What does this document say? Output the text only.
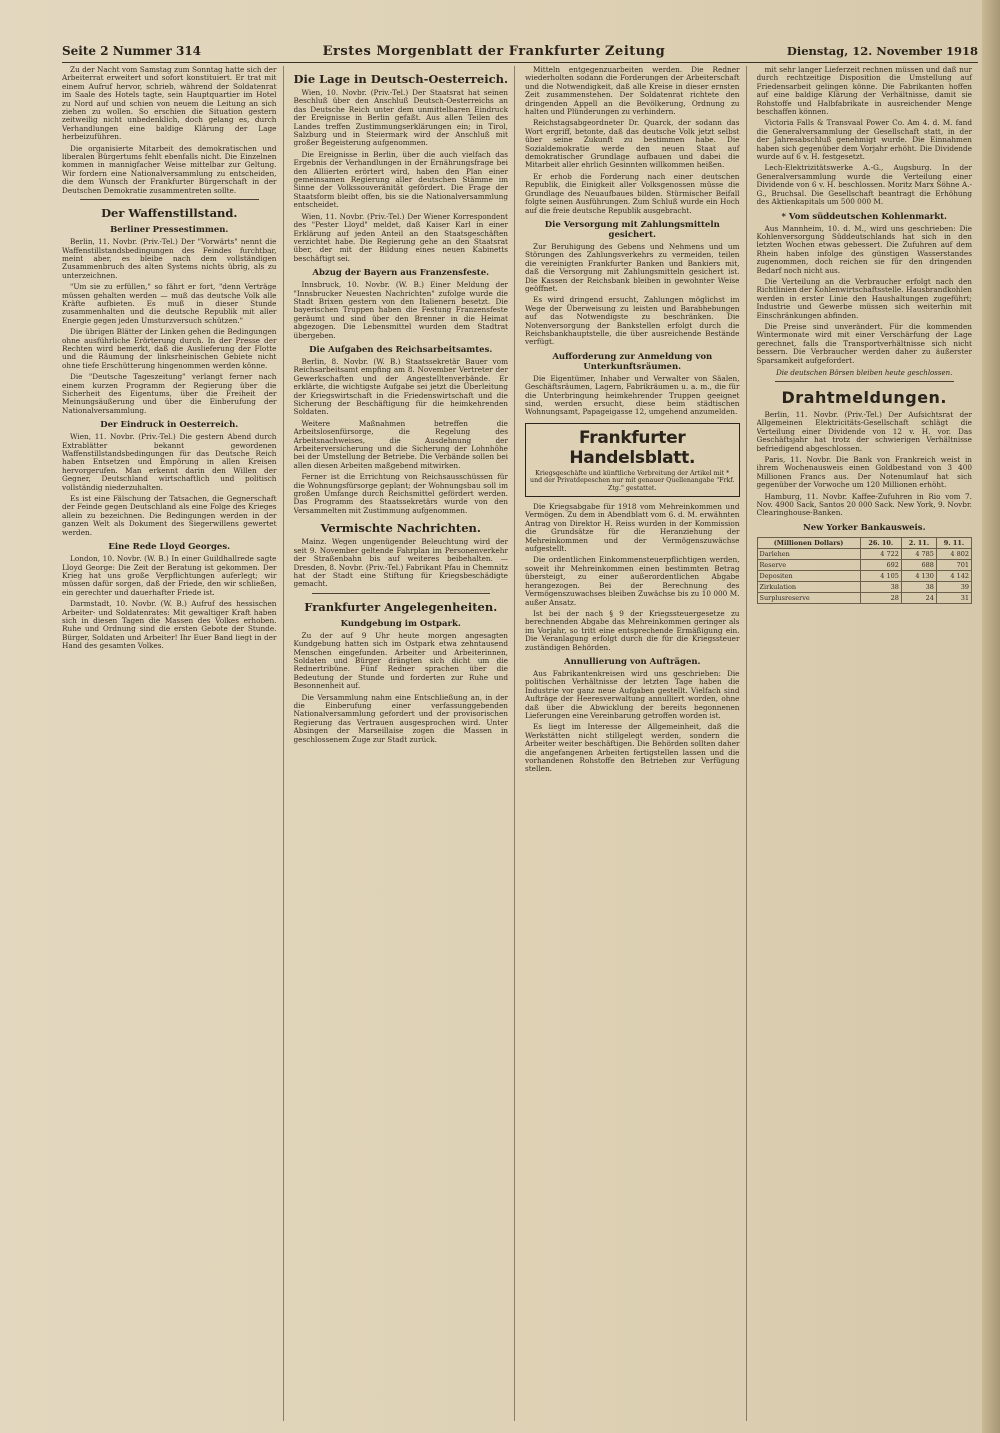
Seite 2 Nummer 314	Erstes Morgenblatt der Frankfurter Zeitung	Dienstag, 12. November 1918

Zu der Nacht vom Samstag zum Sonntag hatte sich der Arbeiterrat erweitert und sofort konstituiert. Er trat mit einem Aufruf hervor, schrieb, während der Soldatenrat im Saale des Hotels tagte, sein Hauptquartier im Hotel zu Nord auf und schien von neuem die Leitung an sich ziehen zu wollen. So erschien die Situation gestern zeitweilig nicht unbedenklich, doch gelang es, durch Verhandlungen eine baldige Klärung der Lage herbeizuführen.

Die organisierte Mitarbeit des demokratischen und liberalen Bürgertums fehlt ebenfalls nicht. Die Einzelnen kommen in mannigfacher Weise mittelbar zur Geltung. Wir fordern eine Nationalversammlung zu entscheiden, die dem Wunsch der Frankfurter Bürgerschaft in der Deutschen Demokratie zusammentreten sollte.

Der Waffenstillstand.
Berliner Pressestimmen.

Berlin, 11. Novbr. (Priv.-Tel.) Der "Vorwärts" nennt die Waffenstillstandsbedingungen des Feindes furchtbar, meint aber, es bleibe nach dem vollständigen Zusammenbruch des alten Systems nichts übrig, als zu unterzeichnen.

"Um sie zu erfüllen," so fährt er fort, "denn Verträge müssen gehalten werden — muß das deutsche Volk alle Kräfte aufbieten. Es muß in dieser Stunde zusammenhalten und die deutsche Republik mit aller Energie gegen jeden Umsturzversuch schützen."

Die übrigen Blätter der Linken gehen die Bedingungen ohne ausführliche Erörterung durch. In der Presse der Rechten wird bemerkt, daß die Auslieferung der Flotte und die Räumung der linksrheinischen Gebiete nicht ohne tiefe Erschütterung hingenommen werden könne.

Die "Deutsche Tageszeitung" verlangt ferner nach einem kurzen Programm der Regierung über die Sicherheit des Eigentums, über die Freiheit der Meinungsäußerung und über die Einberufung der Nationalversammlung.

Der Eindruck in Oesterreich.

Wien, 11. Novbr. (Priv.-Tel.) Die gestern Abend durch Extrablätter bekannt gewordenen Waffenstillstandsbedingungen für das Deutsche Reich haben Entsetzen und Empörung in allen Kreisen hervorgerufen. Man erkennt darin den Willen der Gegner, Deutschland wirtschaftlich und politisch vollständig niederzuhalten.

Es ist eine Fälschung der Tatsachen, die Gegnerschaft der Feinde gegen Deutschland als eine Folge des Krieges allein zu bezeichnen. Die Bedingungen werden in der ganzen Welt als Dokument des Siegerwillens gewertet werden.

Eine Rede Lloyd Georges.

London, 10. Novbr. (W. B.) In einer Guildhallrede sagte Lloyd George: Die Zeit der Beratung ist gekommen. Der Krieg hat uns große Verpflichtungen auferlegt; wir müssen dafür sorgen, daß der Friede, den wir schließen, ein gerechter und dauerhafter Friede ist.

Darmstadt, 10. Novbr. (W. B.) Aufruf des hessischen Arbeiter- und Soldatenrates: Mit gewaltiger Kraft haben sich in diesen Tagen die Massen des Volkes erhoben. Ruhe und Ordnung sind die ersten Gebote der Stunde. Bürger, Soldaten und Arbeiter! Ihr Euer Band liegt in der Hand des gesamten Volkes.

Die Lage in Deutsch-Oesterreich.

Wien, 10. Novbr. (Priv.-Tel.) Der Staatsrat hat seinen Beschluß über den Anschluß Deutsch-Oesterreichs an das Deutsche Reich unter dem unmittelbaren Eindruck der Ereignisse in Berlin gefaßt. Aus allen Teilen des Landes treffen Zustimmungserklärungen ein; in Tirol, Salzburg und in Steiermark wird der Anschluß mit großer Begeisterung aufgenommen.

Die Ereignisse in Berlin, über die auch vielfach das Ergebnis der Verhandlungen in der Ernährungsfrage bei den Alliierten erörtert wird, haben den Plan einer gemeinsamen Regierung aller deutschen Stämme im Sinne der Volkssouveränität gefördert. Die Frage der Staatsform bleibt offen, bis sie die Nationalversammlung entscheidet.

Wien, 11. Novbr. (Priv.-Tel.) Der Wiener Korrespondent des "Pester Lloyd" meldet, daß Kaiser Karl in einer Erklärung auf jeden Anteil an den Staatsgeschäften verzichtet habe. Die Regierung gehe an den Staatsrat über, der mit der Bildung eines neuen Kabinetts beschäftigt sei.

Abzug der Bayern aus Franzensfeste.

Innsbruck, 10. Novbr. (W. B.) Einer Meldung der "Innsbrucker Neuesten Nachrichten" zufolge wurde die Stadt Brixen gestern von den Italienern besetzt. Die bayerischen Truppen haben die Festung Franzensfeste geräumt und sind über den Brenner in die Heimat abgezogen. Die Lebensmittel wurden dem Stadtrat übergeben.

Die Aufgaben des Reichsarbeitsamtes.

Berlin, 8. Novbr. (W. B.) Staatssekretär Bauer vom Reichsarbeitsamt empfing am 8. November Vertreter der Gewerkschaften und der Angestelltenverbände. Er erklärte, die wichtigste Aufgabe sei jetzt die Überleitung der Kriegswirtschaft in die Friedenswirtschaft und die Sicherung der Beschäftigung für die heimkehrenden Soldaten.

Weitere Maßnahmen betreffen die Arbeitslosenfürsorge, die Regelung des Arbeitsnachweises, die Ausdehnung der Arbeiterversicherung und die Sicherung der Lohnhöhe bei der Umstellung der Betriebe. Die Verbände sollen bei allen diesen Arbeiten maßgebend mitwirken.

Ferner ist die Errichtung von Reichsausschüssen für die Wohnungsfürsorge geplant; der Wohnungsbau soll im großen Umfange durch Reichsmittel gefördert werden. Das Programm des Staatssekretärs wurde von den Versammelten mit Zustimmung aufgenommen.

Vermischte Nachrichten.

Mainz. Wegen ungenügender Beleuchtung wird der seit 9. November geltende Fahrplan im Personenverkehr der Straßenbahn bis auf weiteres beibehalten. — Dresden, 8. Novbr. (Priv.-Tel.) Fabrikant Pfau in Chemnitz hat der Stadt eine Stiftung für Kriegsbeschädigte gemacht.

Frankfurter Angelegenheiten.
Kundgebung im Ostpark.

Zu der auf 9 Uhr heute morgen angesagten Kundgebung hatten sich im Ostpark etwa zehntausend Menschen eingefunden. Arbeiter und Arbeiterinnen, Soldaten und Bürger drängten sich dicht um die Rednertribüne. Fünf Redner sprachen über die Bedeutung der Stunde und forderten zur Ruhe und Besonnenheit auf.

Die Versammlung nahm eine Entschließung an, in der die Einberufung einer verfassunggebenden Nationalversammlung gefordert und der provisorischen Regierung das Vertrauen ausgesprochen wird. Unter Absingen der Marseillaise zogen die Massen in geschlossenem Zuge zur Stadt zurück.

Mitteln entgegenzuarbeiten werden. Die Redner wiederholten sodann die Forderungen der Arbeiterschaft und die Notwendigkeit, daß alle Kreise in dieser ernsten Zeit zusammenstehen. Der Soldatenrat richtete den dringenden Appell an die Bevölkerung, Ordnung zu halten und Plünderungen zu verhindern.

Reichstagsabgeordneter Dr. Quarck, der sodann das Wort ergriff, betonte, daß das deutsche Volk jetzt selbst über seine Zukunft zu bestimmen habe. Die Sozialdemokratie werde den neuen Staat auf demokratischer Grundlage aufbauen und dabei die Mitarbeit aller ehrlich Gesinnten willkommen heißen.

Er erhob die Forderung nach einer deutschen Republik, die Einigkeit aller Volksgenossen müsse die Grundlage des Neuaufbaues bilden. Stürmischer Beifall folgte seinen Ausführungen. Zum Schluß wurde ein Hoch auf die freie deutsche Republik ausgebracht.

Die Versorgung mit Zahlungsmitteln gesichert.

Zur Beruhigung des Gebens und Nehmens und um Störungen des Zahlungsverkehrs zu vermeiden, teilen die vereinigten Frankfurter Banken und Bankiers mit, daß die Versorgung mit Zahlungsmitteln gesichert ist. Die Kassen der Reichsbank bleiben in gewohnter Weise geöffnet.

Es wird dringend ersucht, Zahlungen möglichst im Wege der Überweisung zu leisten und Barabhebungen auf das Notwendigste zu beschränken. Die Notenversorgung der Bankstellen erfolgt durch die Reichsbankhauptstelle, die über ausreichende Bestände verfügt.

Aufforderung zur Anmeldung von Unterkunftsräumen.

Die Eigentümer, Inhaber und Verwalter von Säalen, Geschäftsräumen, Lagern, Fabrikräumen u. a. m., die für die Unterbringung heimkehrender Truppen geeignet sind, werden ersucht, diese beim städtischen Wohnungsamt, Papageigasse 12, umgehend anzumelden.

Frankfurter Handelsblatt.
Kriegsgeschäfte und künftliche Verbreitung der Artikel mit * und der Privatdepeschen nur mit genauer Quellenangabe "Frkf. Ztg." gestattet.

Die Kriegsabgabe für 1918 vom Mehreinkommen und Vermögen. Zu dem in Abendblatt vom 6. d. M. erwähnten Antrag von Direktor H. Reiss wurden in der Kommission die Grundsätze für die Heranziehung der Mehreinkommen und der Vermögenszuwächse aufgestellt.

Die ordentlichen Einkommensteuerpflichtigen werden, soweit ihr Mehreinkommen einen bestimmten Betrag übersteigt, zu einer außerordentlichen Abgabe herangezogen. Bei der Berechnung des Vermögenszuwachses bleiben Zuwächse bis zu 10 000 M. außer Ansatz.

Ist bei der nach § 9 der Kriegssteuergesetze zu berechnenden Abgabe das Mehreinkommen geringer als im Vorjahr, so tritt eine entsprechende Ermäßigung ein. Die Veranlagung erfolgt durch die für die Kriegssteuer zuständigen Behörden.

Annullierung von Aufträgen.

Aus Fabrikantenkreisen wird uns geschrieben: Die politischen Verhältnisse der letzten Tage haben die Industrie vor ganz neue Aufgaben gestellt. Vielfach sind Aufträge der Heeresverwaltung annulliert worden, ohne daß über die Abwicklung der bereits begonnenen Lieferungen eine Vereinbarung getroffen worden ist.

Es liegt im Interesse der Allgemeinheit, daß die Werkstätten nicht stillgelegt werden, sondern die Arbeiter weiter beschäftigen. Die Behörden sollten daher die angefangenen Arbeiten fertigstellen lassen und die vorhandenen Rohstoffe den Betrieben zur Verfügung stellen.

mit sehr langer Lieferzeit rechnen müssen und daß nur durch rechtzeitige Disposition die Umstellung auf Friedensarbeit gelingen könne. Die Fabrikanten hoffen auf eine baldige Klärung der Verhältnisse, damit sie Rohstoffe und Halbfabrikate in ausreichender Menge beschaffen können.

Victoria Falls & Transvaal Power Co. Am 4. d. M. fand die Generalversammlung der Gesellschaft statt, in der der Jahresabschluß genehmigt wurde. Die Einnahmen haben sich gegenüber dem Vorjahr erhöht. Die Dividende wurde auf 6 v. H. festgesetzt.

Lech-Elektrizitätswerke A.-G., Augsburg. In der Generalversammlung wurde die Verteilung einer Dividende von 6 v. H. beschlossen. Moritz Marx Söhne A.-G., Bruchsal. Die Gesellschaft beantragt die Erhöhung des Aktienkapitals um 500 000 M.

* Vom süddeutschen Kohlenmarkt.

Aus Mannheim, 10. d. M., wird uns geschrieben: Die Kohlenversorgung Süddeutschlands hat sich in den letzten Wochen etwas gebessert. Die Zufuhren auf dem Rhein haben infolge des günstigen Wasserstandes zugenommen, doch reichen sie für den dringenden Bedarf noch nicht aus.

Die Verteilung an die Verbraucher erfolgt nach den Richtlinien der Kohlenwirtschaftsstelle. Hausbrandkohlen werden in erster Linie den Haushaltungen zugeführt; Industrie und Gewerbe müssen sich weiterhin mit Einschränkungen abfinden.

Die Preise sind unverändert. Für die kommenden Wintermonate wird mit einer Verschärfung der Lage gerechnet, falls die Transportverhältnisse sich nicht bessern. Die Verbraucher werden daher zu äußerster Sparsamkeit aufgefordert.

Die deutschen Börsen bleiben heute geschlossen.
Drahtmeldungen.

Berlin, 11. Novbr. (Priv.-Tel.) Der Aufsichtsrat der Allgemeinen Elektricitäts-Gesellschaft schlägt die Verteilung einer Dividende von 12 v. H. vor. Das Geschäftsjahr hat trotz der schwierigen Verhältnisse befriedigend abgeschlossen.

Paris, 11. Novbr. Die Bank von Frankreich weist in ihrem Wochenausweis einen Goldbestand von 3 400 Millionen Francs aus. Der Notenumlauf hat sich gegenüber der Vorwoche um 120 Millionen erhöht.

Hamburg, 11. Novbr. Kaffee-Zufuhren in Rio vom 7. Nov. 4900 Sack, Santos 20 000 Sack. New York, 9. Novbr. Clearinghouse-Banken.

New Yorker Bankausweis.
(Millionen Dollars)	26. 10.	2. 11.	9. 11.
Darlehen	4 722	4 785	4 802
Reserve	692	688	701
Depositen	4 105	4 130	4 142
Zirkulation	38	38	39
Surplusreserve	28	24	31
